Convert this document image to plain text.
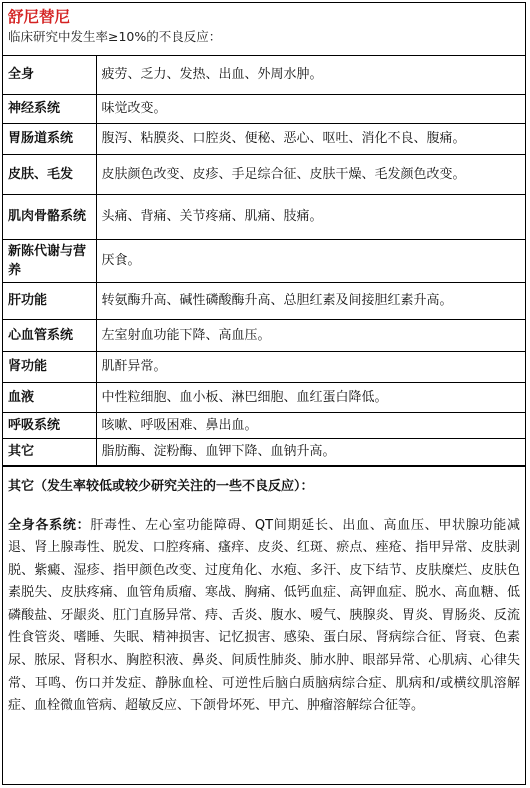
舒尼替尼
临床研究中发生率≥10%的不良反应：
全身	疲劳、乏力、发热、出血、外周水肿。
神经系统	味觉改变。
胃肠道系统	腹泻、粘膜炎、口腔炎、便秘、恶心、呕吐、消化不良、腹痛。
皮肤、毛发	皮肤颜色改变、皮疹、手足综合征、皮肤干燥、毛发颜色改变。
肌肉骨骼系统	头痛、背痛、关节疼痛、肌痛、肢痛。
新陈代谢与营养	厌食。
肝功能	转氨酶升高、碱性磷酸酶升高、总胆红素及间接胆红素升高。
心血管系统	左室射血功能下降、高血压。
肾功能	肌酐异常。
血液	中性粒细胞、血小板、淋巴细胞、血红蛋白降低。
呼吸系统	咳嗽、呼吸困难、鼻出血。
其它	脂肪酶、淀粉酶、血钾下降、血钠升高。
其它（发生率较低或较少研究关注的一些不良反应）：
全身各系统：肝毒性、左心室功能障碍、QT间期延长、出血、高血压、甲状腺功能减退、肾上腺毒性、脱发、口腔疼痛、瘙痒、皮炎、红斑、瘀点、痤疮、指甲异常、皮肤剥脱、紫癜、湿疹、指甲颜色改变、过度角化、水疱、多汗、皮下结节、皮肤糜烂、皮肤色素脱失、皮肤疼痛、血管角质瘤、寒战、胸痛、低钙血症、高钾血症、脱水、高血糖、低磷酸盐、牙龈炎、肛门直肠异常、痔、舌炎、腹水、嗳气、胰腺炎、胃炎、胃肠炎、反流性食管炎、嗜睡、失眠、精神损害、记忆损害、感染、蛋白尿、肾病综合征、肾衰、色素尿、脓尿、肾积水、胸腔积液、鼻炎、间质性肺炎、肺水肿、眼部异常、心肌病、心律失常、耳鸣、伤口并发症、静脉血栓、可逆性后脑白质脑病综合症、肌病和/或横纹肌溶解症、血栓微血管病、超敏反应、下颌骨坏死、甲亢、肿瘤溶解综合征等。
